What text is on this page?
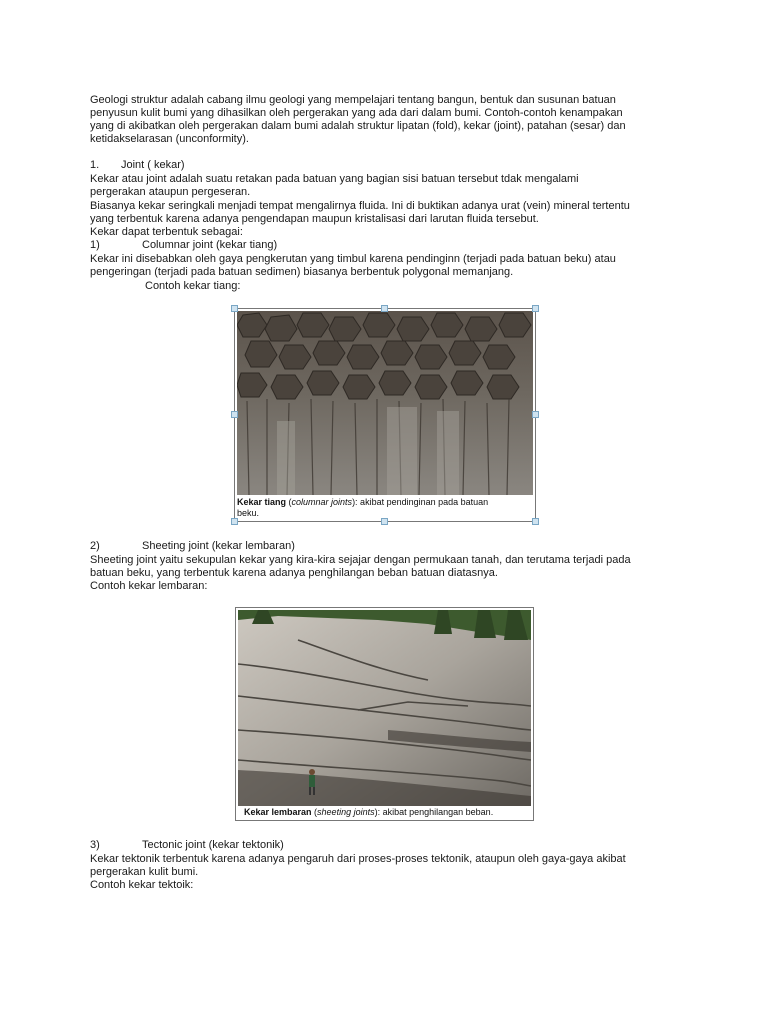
Geologi struktur adalah cabang ilmu geologi yang mempelajari tentang bangun, bentuk dan susunan batuan
penyusun kulit bumi yang dihasilkan oleh pergerakan yang ada dari dalam bumi. Contoh-contoh kenampakan
yang di akibatkan oleh pergerakan dalam bumi adalah struktur lipatan (fold), kekar (joint), patahan (sesar) dan
ketidakselarasan (unconformity).
1. Joint ( kekar)
Kekar atau joint adalah suatu retakan pada batuan yang bagian sisi batuan tersebut tdak mengalami
pergerakan ataupun pergeseran.
Biasanya kekar seringkali menjadi tempat mengalirnya fluida. Ini di buktikan adanya urat (vein) mineral tertentu
yang terbentuk karena adanya pengendapan maupun kristalisasi dari larutan fluida tersebut.
Kekar dapat terbentuk sebagai:
1)	Columnar joint (kekar tiang)
Kekar ini disebabkan oleh gaya pengkerutan yang timbul karena pendinginn (terjadi pada batuan beku) atau
pengeringan (terjadi pada batuan sedimen) biasanya berbentuk polygonal memanjang.
Contoh kekar tiang:
Kekar tiang (columnar joints): akibat pendinginan pada batuan
beku.
2)	Sheeting joint (kekar lembaran)
Sheeting joint yaitu sekupulan kekar yang kira-kira sejajar dengan permukaan tanah, dan terutama terjadi pada
batuan beku, yang terbentuk karena adanya penghilangan beban batuan diatasnya.
Contoh kekar lembaran:
Kekar lembaran (sheeting joints): akibat penghilangan beban.
3)	Tectonic joint (kekar tektonik)
Kekar tektonik terbentuk karena adanya pengaruh dari proses-proses tektonik, ataupun oleh gaya-gaya akibat
pergerakan kulit bumi.
Contoh kekar tektoik:
